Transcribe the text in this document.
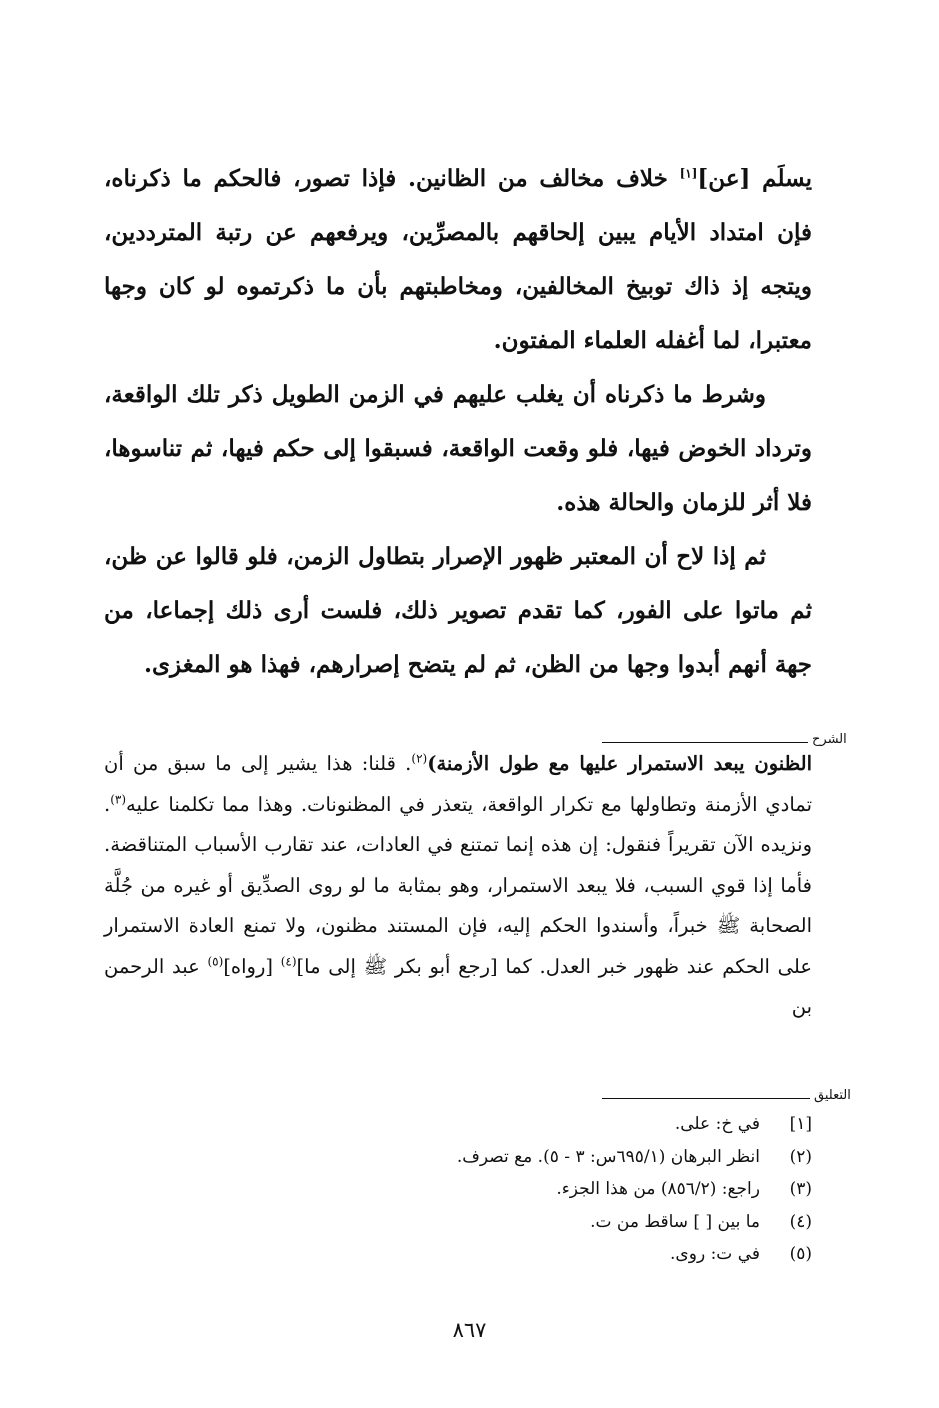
يسلَم [عن][١] خلاف مخالف من الظانين. فإذا تصور، فالحكم ما ذكرناه، فإن امتداد الأيام يبين إلحاقهم بالمصرِّين، ويرفعهم عن رتبة المترددين، ويتجه إذ ذاك توبيخ المخالفين، ومخاطبتهم بأن ما ذكرتموه لو كان وجها معتبرا، لما أغفله العلماء المفتون.

وشرط ما ذكرناه أن يغلب عليهم في الزمن الطويل ذكر تلك الواقعة، وترداد الخوض فيها، فلو وقعت الواقعة، فسبقوا إلى حكم فيها، ثم تناسوها، فلا أثر للزمان والحالة هذه.

ثم إذا لاح أن المعتبر ظهور الإصرار بتطاول الزمن، فلو قالوا عن ظن، ثم ماتوا على الفور، كما تقدم تصوير ذلك، فلست أرى ذلك إجماعا، من جهة أنهم أبدوا وجها من الظن، ثم لم يتضح إصرارهم، فهذا هو المغزى.

الشرح
الظنون يبعد الاستمرار عليها مع طول الأزمنة)$^{(٢)}$. قلنا: هذا يشير إلى ما سبق من أن تمادي الأزمنة وتطاولها مع تكرار الواقعة، يتعذر في المظنونات. وهذا مما تكلمنا عليه$^{(٣)}$. ونزيده الآن تقريراً فنقول: إن هذه إنما تمتنع في العادات، عند تقارب الأسباب المتناقضة. فأما إذا قوي السبب، فلا يبعد الاستمرار، وهو بمثابة ما لو روى الصدِّيق أو غيره من جُلَّة الصحابة ﷺ خبراً، وأسندوا الحكم إليه، فإن المستند مظنون، ولا تمنع العادة الاستمرار على الحكم عند ظهور خبر العدل. كما [رجع أبو بكر ﷺ إلى ما]$^{(٤)}$ [رواه]$^{(٥)}$ عبد الرحمن بن
التعليق
[١]
في خ: على.
(٢)
انظر البرهان (٦٩٥/١س: ٣ - ٥). مع تصرف.
(٣)
راجع: (٨٥٦/٢) من هذا الجزء.
(٤)
ما بين [ ] ساقط من ت.
(٥)
في ت: روى.
٨٦٧
